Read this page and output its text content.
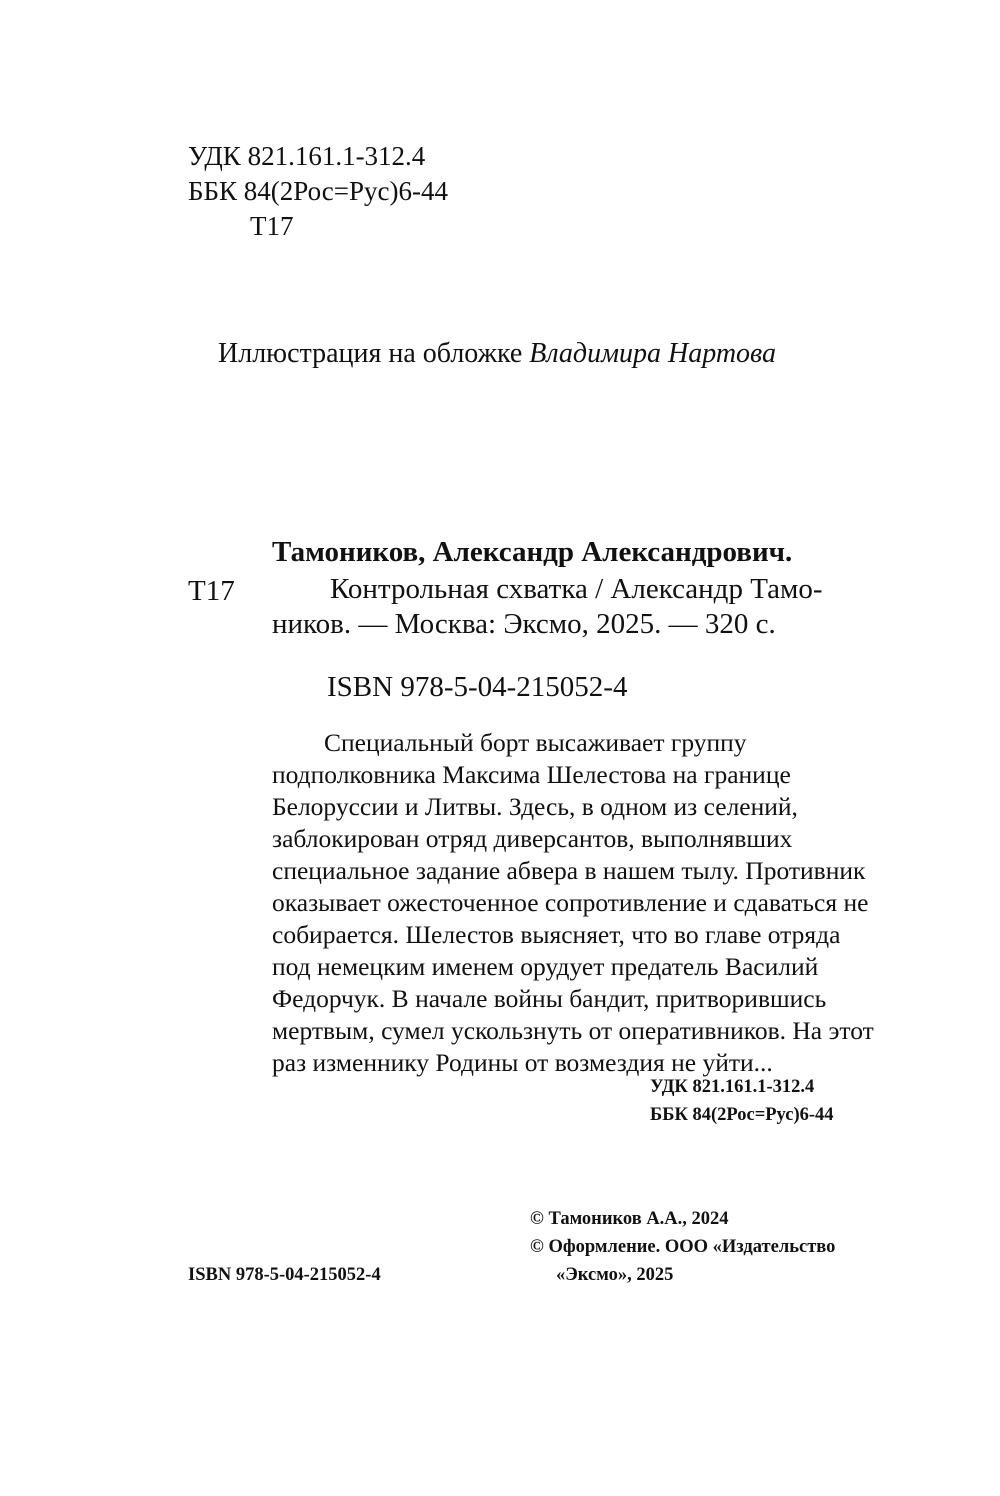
УДК 821.161.1-312.4

ББК 84(2Рос=Рус)6-44

Т17

Иллюстрация на обложке Владимира Нартова

Тамоников, Александр Александрович.

Т17	Контрольная схватка / Александр Тамо-

ников. — Москва: Эксмо, 2025. — 320 с.

ISBN 978-5-04-215052-4

Специальный борт высаживает группу подполковника Максима Шелестова на границе Белоруссии и Литвы. Здесь, в одном из селений, заблокирован отряд диверсантов, выполнявших специальное задание абвера в нашем тылу. Противник оказывает ожесточенное сопротивление и сдаваться не собирается. Шелестов выясняет, что во главе отряда под немецким именем орудует предатель Василий Федорчук. В начале войны бандит, притворившись мертвым, сумел ускользнуть от оперативников. На этот раз изменнику Родины от возмездия не уйти...

УДК 821.161.1-312.4

ББК 84(2Рос=Рус)6-44

© Тамоников А.А., 2024

© Оформление. ООО «Издательство

«Эксмо», 2025

ISBN 978-5-04-215052-4
